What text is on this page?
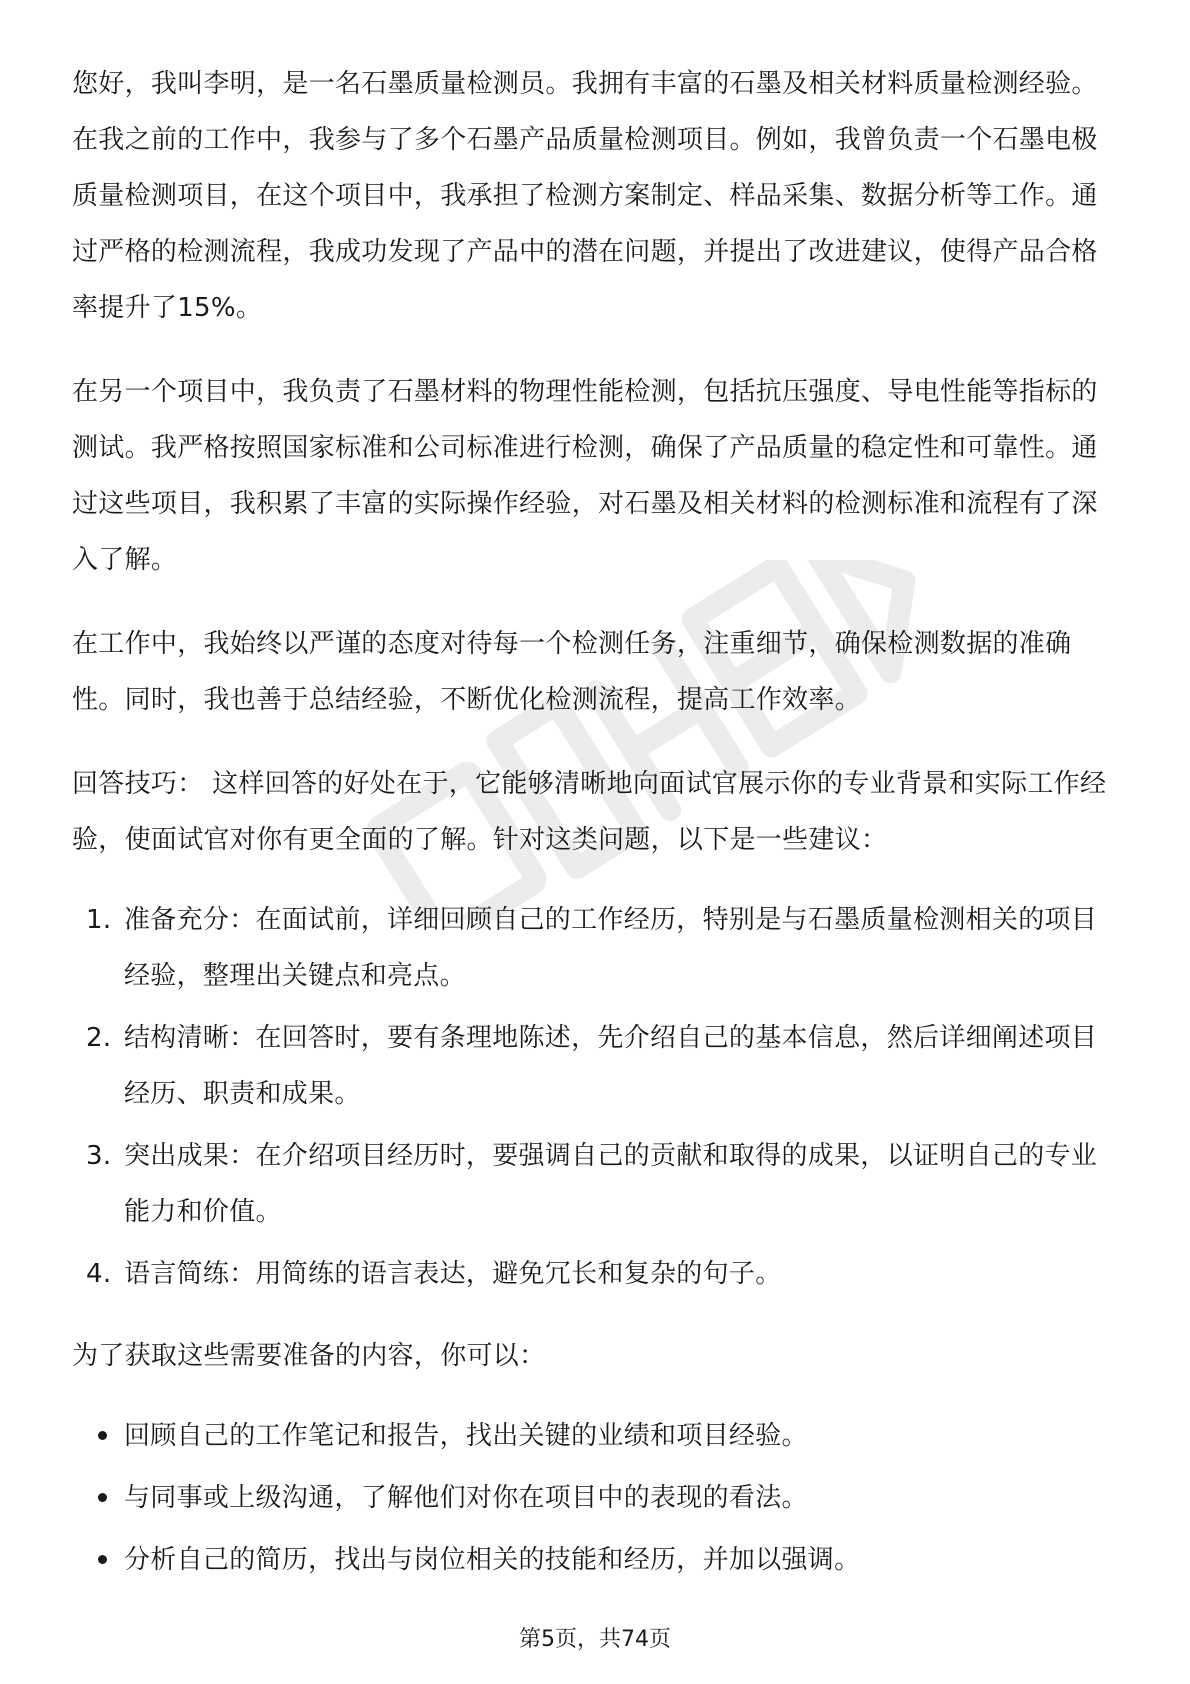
您好，我叫李明，是一名石墨质量检测员。我拥有丰富的石墨及相关材料质量检测经验。在我之前的工作中，我参与了多个石墨产品质量检测项目。例如，我曾负责一个石墨电极质量检测项目，在这个项目中，我承担了检测方案制定、样品采集、数据分析等工作。通过严格的检测流程，我成功发现了产品中的潜在问题，并提出了改进建议，使得产品合格率提升了15%。

在另一个项目中，我负责了石墨材料的物理性能检测，包括抗压强度、导电性能等指标的测试。我严格按照国家标准和公司标准进行检测，确保了产品质量的稳定性和可靠性。通过这些项目，我积累了丰富的实际操作经验，对石墨及相关材料的检测标准和流程有了深入了解。

在工作中，我始终以严谨的态度对待每一个检测任务，注重细节，确保检测数据的准确性。同时，我也善于总结经验，不断优化检测流程，提高工作效率。

回答技巧： 这样回答的好处在于，它能够清晰地向面试官展示你的专业背景和实际工作经验，使面试官对你有更全面的了解。针对这类问题，以下是一些建议：

1. 准备充分：在面试前，详细回顾自己的工作经历，特别是与石墨质量检测相关的项目经验，整理出关键点和亮点。
2. 结构清晰：在回答时，要有条理地陈述，先介绍自己的基本信息，然后详细阐述项目经历、职责和成果。
3. 突出成果：在介绍项目经历时，要强调自己的贡献和取得的成果，以证明自己的专业能力和价值。
4. 语言简练：用简练的语言表达，避免冗长和复杂的句子。

为了获取这些需要准备的内容，你可以：

回顾自己的工作笔记和报告，找出关键的业绩和项目经验。
与同事或上级沟通，了解他们对你在项目中的表现的看法。
分析自己的简历，找出与岗位相关的技能和经历，并加以强调。
第5页，共74页
